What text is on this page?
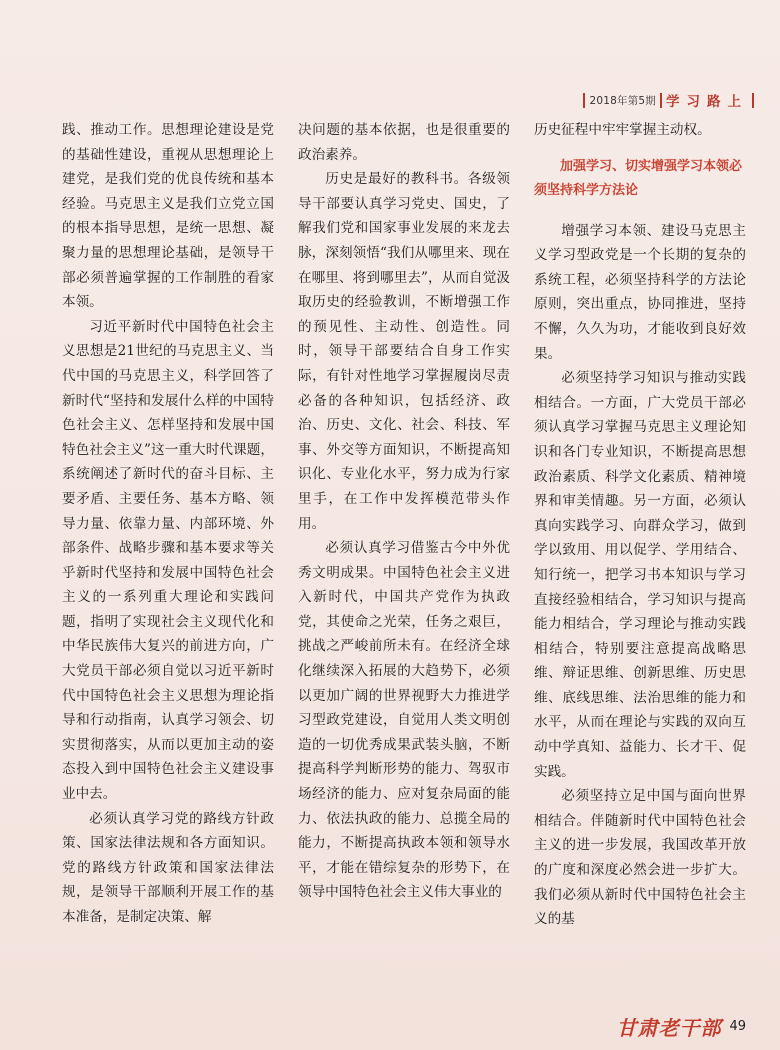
2018年第5期 学习路上

践、推动工作。思想理论建设是党的基础性建设，重视从思想理论上建党，是我们党的优良传统和基本经验。马克思主义是我们立党立国的根本指导思想，是统一思想、凝聚力量的思想理论基础，是领导干部必须普遍掌握的工作制胜的看家本领。

习近平新时代中国特色社会主义思想是21世纪的马克思主义、当代中国的马克思主义，科学回答了新时代“坚持和发展什么样的中国特色社会主义、怎样坚持和发展中国特色社会主义”这一重大时代课题，系统阐述了新时代的奋斗目标、主要矛盾、主要任务、基本方略、领导力量、依靠力量、内部环境、外部条件、战略步骤和基本要求等关乎新时代坚持和发展中国特色社会主义的一系列重大理论和实践问题，指明了实现社会主义现代化和中华民族伟大复兴的前进方向，广大党员干部必须自觉以习近平新时代中国特色社会主义思想为理论指导和行动指南，认真学习领会、切实贯彻落实，从而以更加主动的姿态投入到中国特色社会主义建设事业中去。

必须认真学习党的路线方针政策、国家法律法规和各方面知识。党的路线方针政策和国家法律法规，是领导干部顺利开展工作的基本准备，是制定决策、解

决问题的基本依据，也是很重要的政治素养。

历史是最好的教科书。各级领导干部要认真学习党史、国史，了解我们党和国家事业发展的来龙去脉，深刻领悟“我们从哪里来、现在在哪里、将到哪里去”，从而自觉汲取历史的经验教训，不断增强工作的预见性、主动性、创造性。同时，领导干部要结合自身工作实际，有针对性地学习掌握履岗尽责必备的各种知识，包括经济、政治、历史、文化、社会、科技、军事、外交等方面知识，不断提高知识化、专业化水平，努力成为行家里手，在工作中发挥模范带头作用。

必须认真学习借鉴古今中外优秀文明成果。中国特色社会主义进入新时代，中国共产党作为执政党，其使命之光荣，任务之艰巨，挑战之严峻前所未有。在经济全球化继续深入拓展的大趋势下，必须以更加广阔的世界视野大力推进学习型政党建设，自觉用人类文明创造的一切优秀成果武装头脑，不断提高科学判断形势的能力、驾驭市场经济的能力、应对复杂局面的能力、依法执政的能力、总揽全局的能力，不断提高执政本领和领导水平，才能在错综复杂的形势下，在领导中国特色社会主义伟大事业的

历史征程中牢牢掌握主动权。

加强学习、切实增强学习本领必须坚持科学方法论

增强学习本领、建设马克思主义学习型政党是一个长期的复杂的系统工程，必须坚持科学的方法论原则，突出重点，协同推进，坚持不懈，久久为功，才能收到良好效果。

必须坚持学习知识与推动实践相结合。一方面，广大党员干部必须认真学习掌握马克思主义理论知识和各门专业知识，不断提高思想政治素质、科学文化素质、精神境界和审美情趣。另一方面，必须认真向实践学习、向群众学习，做到学以致用、用以促学、学用结合、知行统一，把学习书本知识与学习直接经验相结合，学习知识与提高能力相结合，学习理论与推动实践相结合，特别要注意提高战略思维、辩证思维、创新思维、历史思维、底线思维、法治思维的能力和水平，从而在理论与实践的双向互动中学真知、益能力、长才干、促实践。

必须坚持立足中国与面向世界相结合。伴随新时代中国特色社会主义的进一步发展，我国改革开放的广度和深度必然会进一步扩大。我们必须从新时代中国特色社会主义的基

甘肃老干部 49
